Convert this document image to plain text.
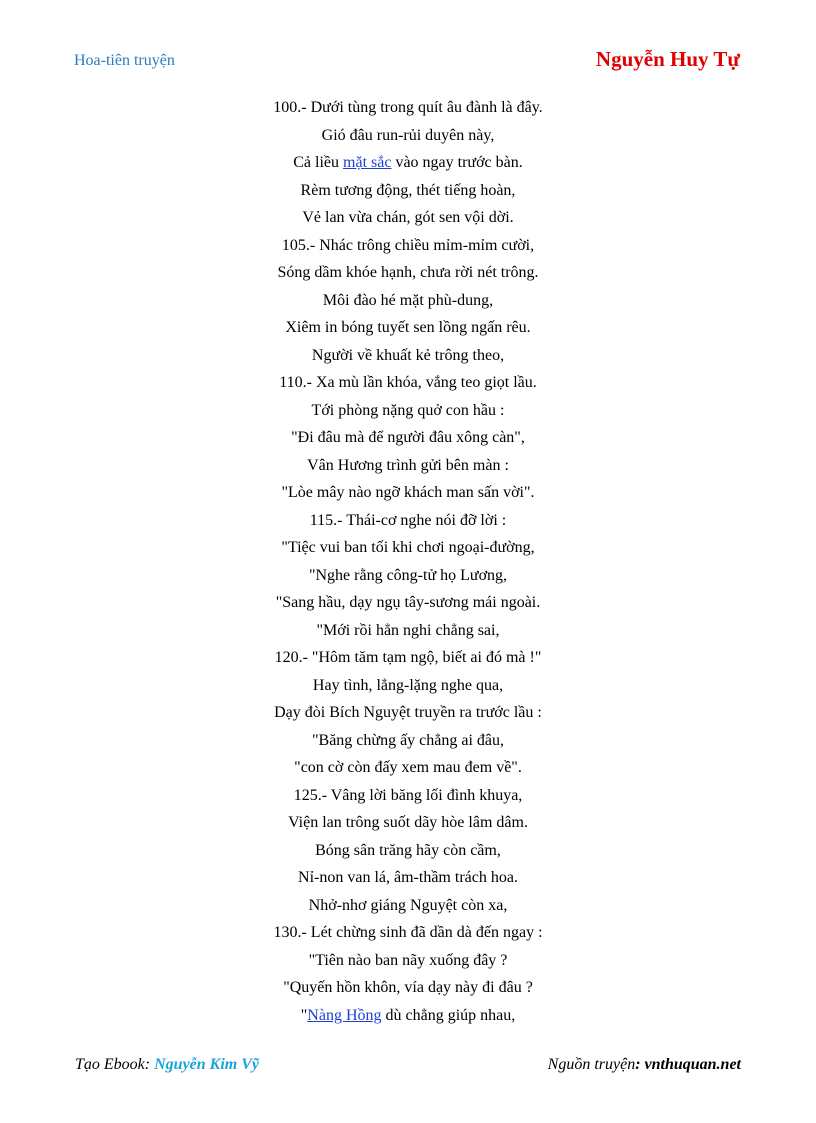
Hoa-tiên truyện	Nguyễn Huy Tự
100.- Dưới tùng trong quít âu đành là đây.
Gió đâu run-rủi duyên này,
Cả liều mặt sắc vào ngay trước bàn.
Rèm tương động, thét tiếng hoàn,
Vẻ lan vừa chán, gót sen vội dời.
105.- Nhác trông chiều mỉm-mỉm cười,
Sóng dầm khóe hạnh, chưa rời nét trông.
Môi đào hé mặt phù-dung,
Xiêm in bóng tuyết sen lồng ngấn rêu.
Người về khuất kẻ trông theo,
110.- Xa mù lần khóa, vắng teo giọt lầu.
Tới phòng nặng quở con hầu :
"Đi đâu mà để người đâu xông càn",
Vân Hương trình gửi bên màn :
"Lòe mây nào ngỡ khách man sấn vời".
115.- Thái-cơ nghe nói đỡ lời :
"Tiệc vui ban tối khi chơi ngoại-đường,
"Nghe rằng công-tử họ Lương,
"Sang hầu, dạy ngụ tây-sương mái ngoài.
"Mới rồi hẳn nghi chẳng sai,
120.- "Hôm tăm tạm ngộ, biết ai đó mà !"
Hay tình, lẳng-lặng nghe qua,
Dạy đòi Bích Nguyệt truyền ra trước lầu :
"Băng chừng ấy chẳng ai đâu,
"con cờ còn đấy xem mau đem về".
125.- Vâng lời băng lối đình khuya,
Viện lan trông suốt dãy hòe lâm dâm.
Bóng sân trăng hãy còn cầm,
Nỉ-non van lá, âm-thầm trách hoa.
Nhở-nhơ giáng Nguyệt còn xa,
130.- Lét chừng sinh đã dần dà đến ngay :
"Tiên nào ban nãy xuống đây ?
"Quyến hồn khôn, vía dạy này đi đâu ?
"Nàng Hồng dù chẳng giúp nhau,
Tạo Ebook: Nguyễn Kim Vỹ	Nguồn truyện: vnthuquan.net
